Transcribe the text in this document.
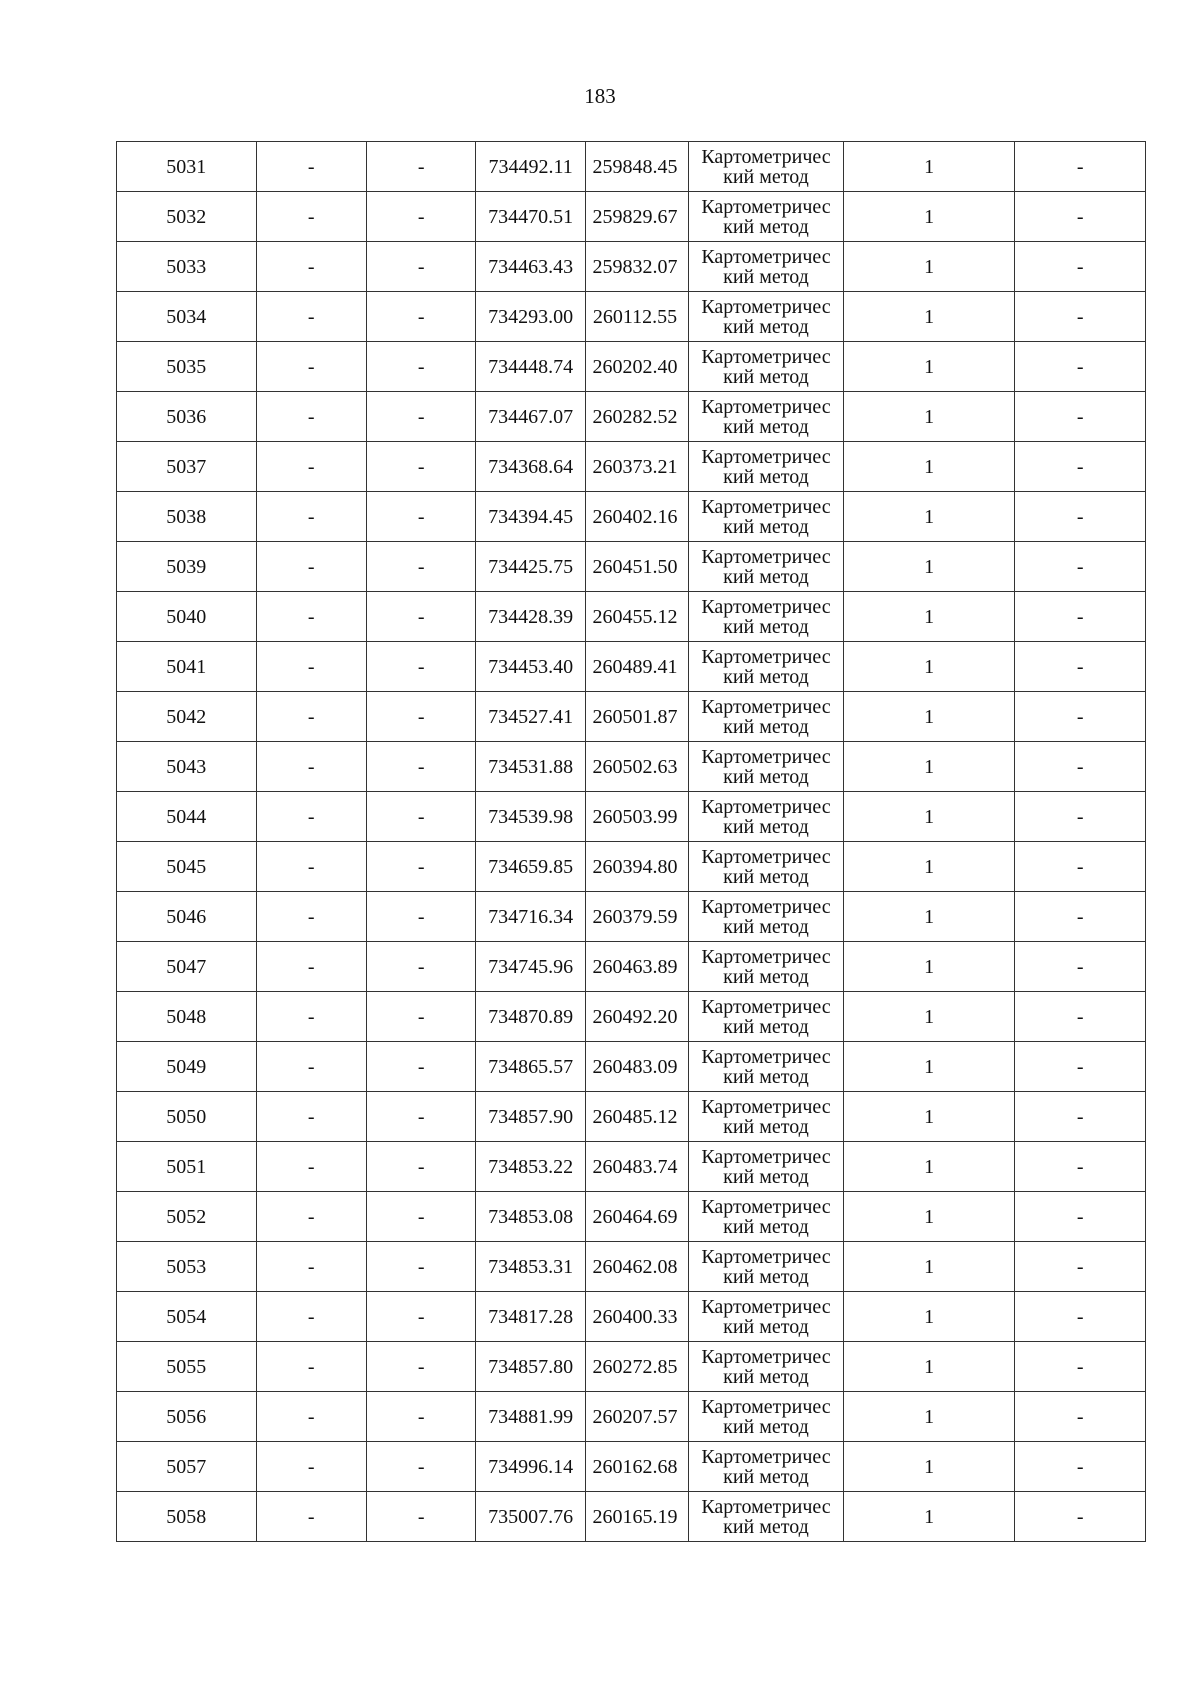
183
5031	-	-	734492.11	259848.45	Картометричес
кий метод	1	-
5032	-	-	734470.51	259829.67	Картометричес
кий метод	1	-
5033	-	-	734463.43	259832.07	Картометричес
кий метод	1	-
5034	-	-	734293.00	260112.55	Картометричес
кий метод	1	-
5035	-	-	734448.74	260202.40	Картометричес
кий метод	1	-
5036	-	-	734467.07	260282.52	Картометричес
кий метод	1	-
5037	-	-	734368.64	260373.21	Картометричес
кий метод	1	-
5038	-	-	734394.45	260402.16	Картометричес
кий метод	1	-
5039	-	-	734425.75	260451.50	Картометричес
кий метод	1	-
5040	-	-	734428.39	260455.12	Картометричес
кий метод	1	-
5041	-	-	734453.40	260489.41	Картометричес
кий метод	1	-
5042	-	-	734527.41	260501.87	Картометричес
кий метод	1	-
5043	-	-	734531.88	260502.63	Картометричес
кий метод	1	-
5044	-	-	734539.98	260503.99	Картометричес
кий метод	1	-
5045	-	-	734659.85	260394.80	Картометричес
кий метод	1	-
5046	-	-	734716.34	260379.59	Картометричес
кий метод	1	-
5047	-	-	734745.96	260463.89	Картометричес
кий метод	1	-
5048	-	-	734870.89	260492.20	Картометричес
кий метод	1	-
5049	-	-	734865.57	260483.09	Картометричес
кий метод	1	-
5050	-	-	734857.90	260485.12	Картометричес
кий метод	1	-
5051	-	-	734853.22	260483.74	Картометричес
кий метод	1	-
5052	-	-	734853.08	260464.69	Картометричес
кий метод	1	-
5053	-	-	734853.31	260462.08	Картометричес
кий метод	1	-
5054	-	-	734817.28	260400.33	Картометричес
кий метод	1	-
5055	-	-	734857.80	260272.85	Картометричес
кий метод	1	-
5056	-	-	734881.99	260207.57	Картометричес
кий метод	1	-
5057	-	-	734996.14	260162.68	Картометричес
кий метод	1	-
5058	-	-	735007.76	260165.19	Картометричес
кий метод	1	-
